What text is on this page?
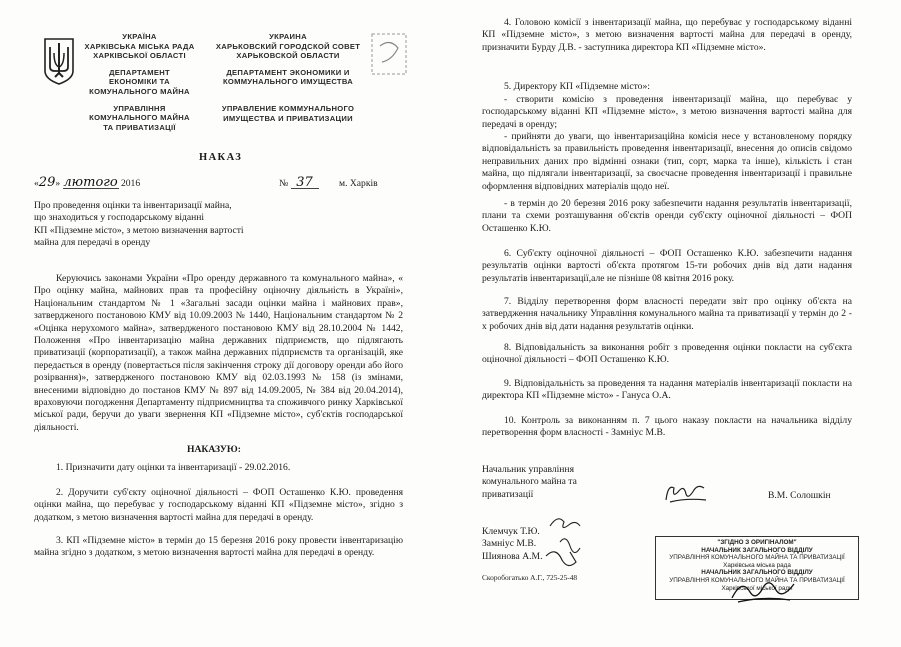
УКРАЇНА
ХАРКІВСЬКА МІСЬКА РАДА
ХАРКІВСЬКОЇ ОБЛАСТІ
ДЕПАРТАМЕНТ
ЕКОНОМІКИ ТА
КОМУНАЛЬНОГО МАЙНА
УПРАВЛІННЯ
КОМУНАЛЬНОГО МАЙНА
ТА ПРИВАТИЗАЦІЇ
УКРАИНА
ХАРЬКОВСКИЙ ГОРОДСКОЙ СОВЕТ
ХАРЬКОВСКОЙ ОБЛАСТИ
ДЕПАРТАМЕНТ ЭКОНОМИКИ И
КОММУНАЛЬНОГО ИМУЩЕСТВА
УПРАВЛЕНИЕ КОММУНАЛЬНОГО
ИМУЩЕСТВА И ПРИВАТИЗАЦИИ
НАКАЗ
«29» лютого 2016	№ 37	м. Харків
Про проведення оцінки та інвентаризації майна,
що знаходиться у господарському віданні
КП «Підземне місто», з метою визначення вартості
майна для передачі в оренду
Керуючись законами України «Про оренду державного та комунального майна», « Про оцінку майна, майнових прав та професійну оціночну діяльність в Україні», Національним стандартом № 1 «Загальні засади оцінки майна і майнових прав», затвердженого постановою КМУ від 10.09.2003 № 1440, Національним стандартом № 2 «Оцінка нерухомого майна», затвердженого постановою КМУ від 28.10.2004 № 1442, Положення «Про інвентаризацію майна державних підприємств, що підлягають приватизації (корпоратизації), а також майна державних підприємств та організацій, яке передається в оренду (повертається після закінчення строку дії договору оренди або його розірвання)», затвердженого постановою КМУ від 02.03.1993 № 158 (із змінами, внесеними відповідно до постанов КМУ № 897 від 14.09.2005, № 384 від 20.04.2014), враховуючи погодження Департаменту підприємництва та споживчого ринку Харківської міської ради, беручи до уваги звернення КП «Підземне місто», суб'єктів господарської діяльності.
НАКАЗУЮ:
1. Призначити дату оцінки та інвентаризації - 29.02.2016.
2. Доручити суб'єкту оціночної діяльності – ФОП Осташенко К.Ю. проведення оцінки майна, що перебуває у господарському віданні КП «Підземне місто», згідно з додатком, з метою визначення вартості майна для передачі в оренду.
3. КП «Підземне місто» в термін до 15 березня 2016 року провести інвентаризацію майна згідно з додатком, з метою визначення вартості майна для передачі в оренду.
4. Головою комісії з інвентаризації майна, що перебуває у господарському віданні КП «Підземне місто», з метою визначення вартості майна для передачі в оренду, призначити Бурду Д.В. - заступника директора КП «Підземне місто».
5. Директору КП «Підземне місто»:
- створити комісію з проведення інвентаризації майна, що перебуває у господарському віданні КП «Підземне місто», з метою визначення вартості майна для передачі в оренду;
- прийняти до уваги, що інвентаризаційна комісія несе у встановленому порядку відповідальність за правильність проведення інвентаризації, внесення до описів свідомо неправильних даних про відмінні ознаки (тип, сорт, марка та інше), кількість і стан майна, що підлягали інвентаризації, за своєчасне проведення інвентаризації і правильне оформлення відповідних матеріалів щодо неї.
- в термін до 20 березня 2016 року забезпечити надання результатів інвентаризації, плани та схеми розташування об'єктів оренди суб'єкту оціночної діяльності – ФОП Осташенко К.Ю.
6. Суб'єкту оціночної діяльності – ФОП Осташенко К.Ю. забезпечити надання результатів оцінки вартості об'єкта протягом 15-ти робочих днів від дати надання результатів інвентаризації,але не пізніше 08 квітня 2016 року.
7. Відділу перетворення форм власності передати звіт про оцінку об'єкта на затвердження начальнику Управління комунального майна та приватизації у термін до 2 - х робочих днів від дати надання результатів оцінки.
8. Відповідальність за виконання робіт з проведення оцінки покласти на суб'єкта оціночної діяльності – ФОП Осташенко К.Ю.
9. Відповідальність за проведення та надання матеріалів інвентаризації покласти на директора КП «Підземне місто» - Гануса О.А.
10. Контроль за виконанням п. 7 цього наказу покласти на начальника відділу перетворення форм власності - Замніус М.В.
Начальник управління
комунального майна та
приватизації	В.М. Солошкін
Клемчук Т.Ю.
Замніус М.В.
Шиянова А.М.
Скоробогатько А.Г., 725-25-48
"ЗГІДНО З ОРИГІНАЛОМ"
НАЧАЛЬНИК ЗАГАЛЬНОГО ВІДДІЛУ
УПРАВЛІННЯ КОМУНАЛЬНОГО МАЙНА ТА ПРИВАТИЗАЦІЇ
Харківська міська рада
НАЧАЛЬНИК ЗАГАЛЬНОГО ВІДДІЛУ
УПРАВЛІННЯ КОМУНАЛЬНОГО МАЙНА ТА ПРИВАТИЗАЦІЇ
Харківської міської ради
